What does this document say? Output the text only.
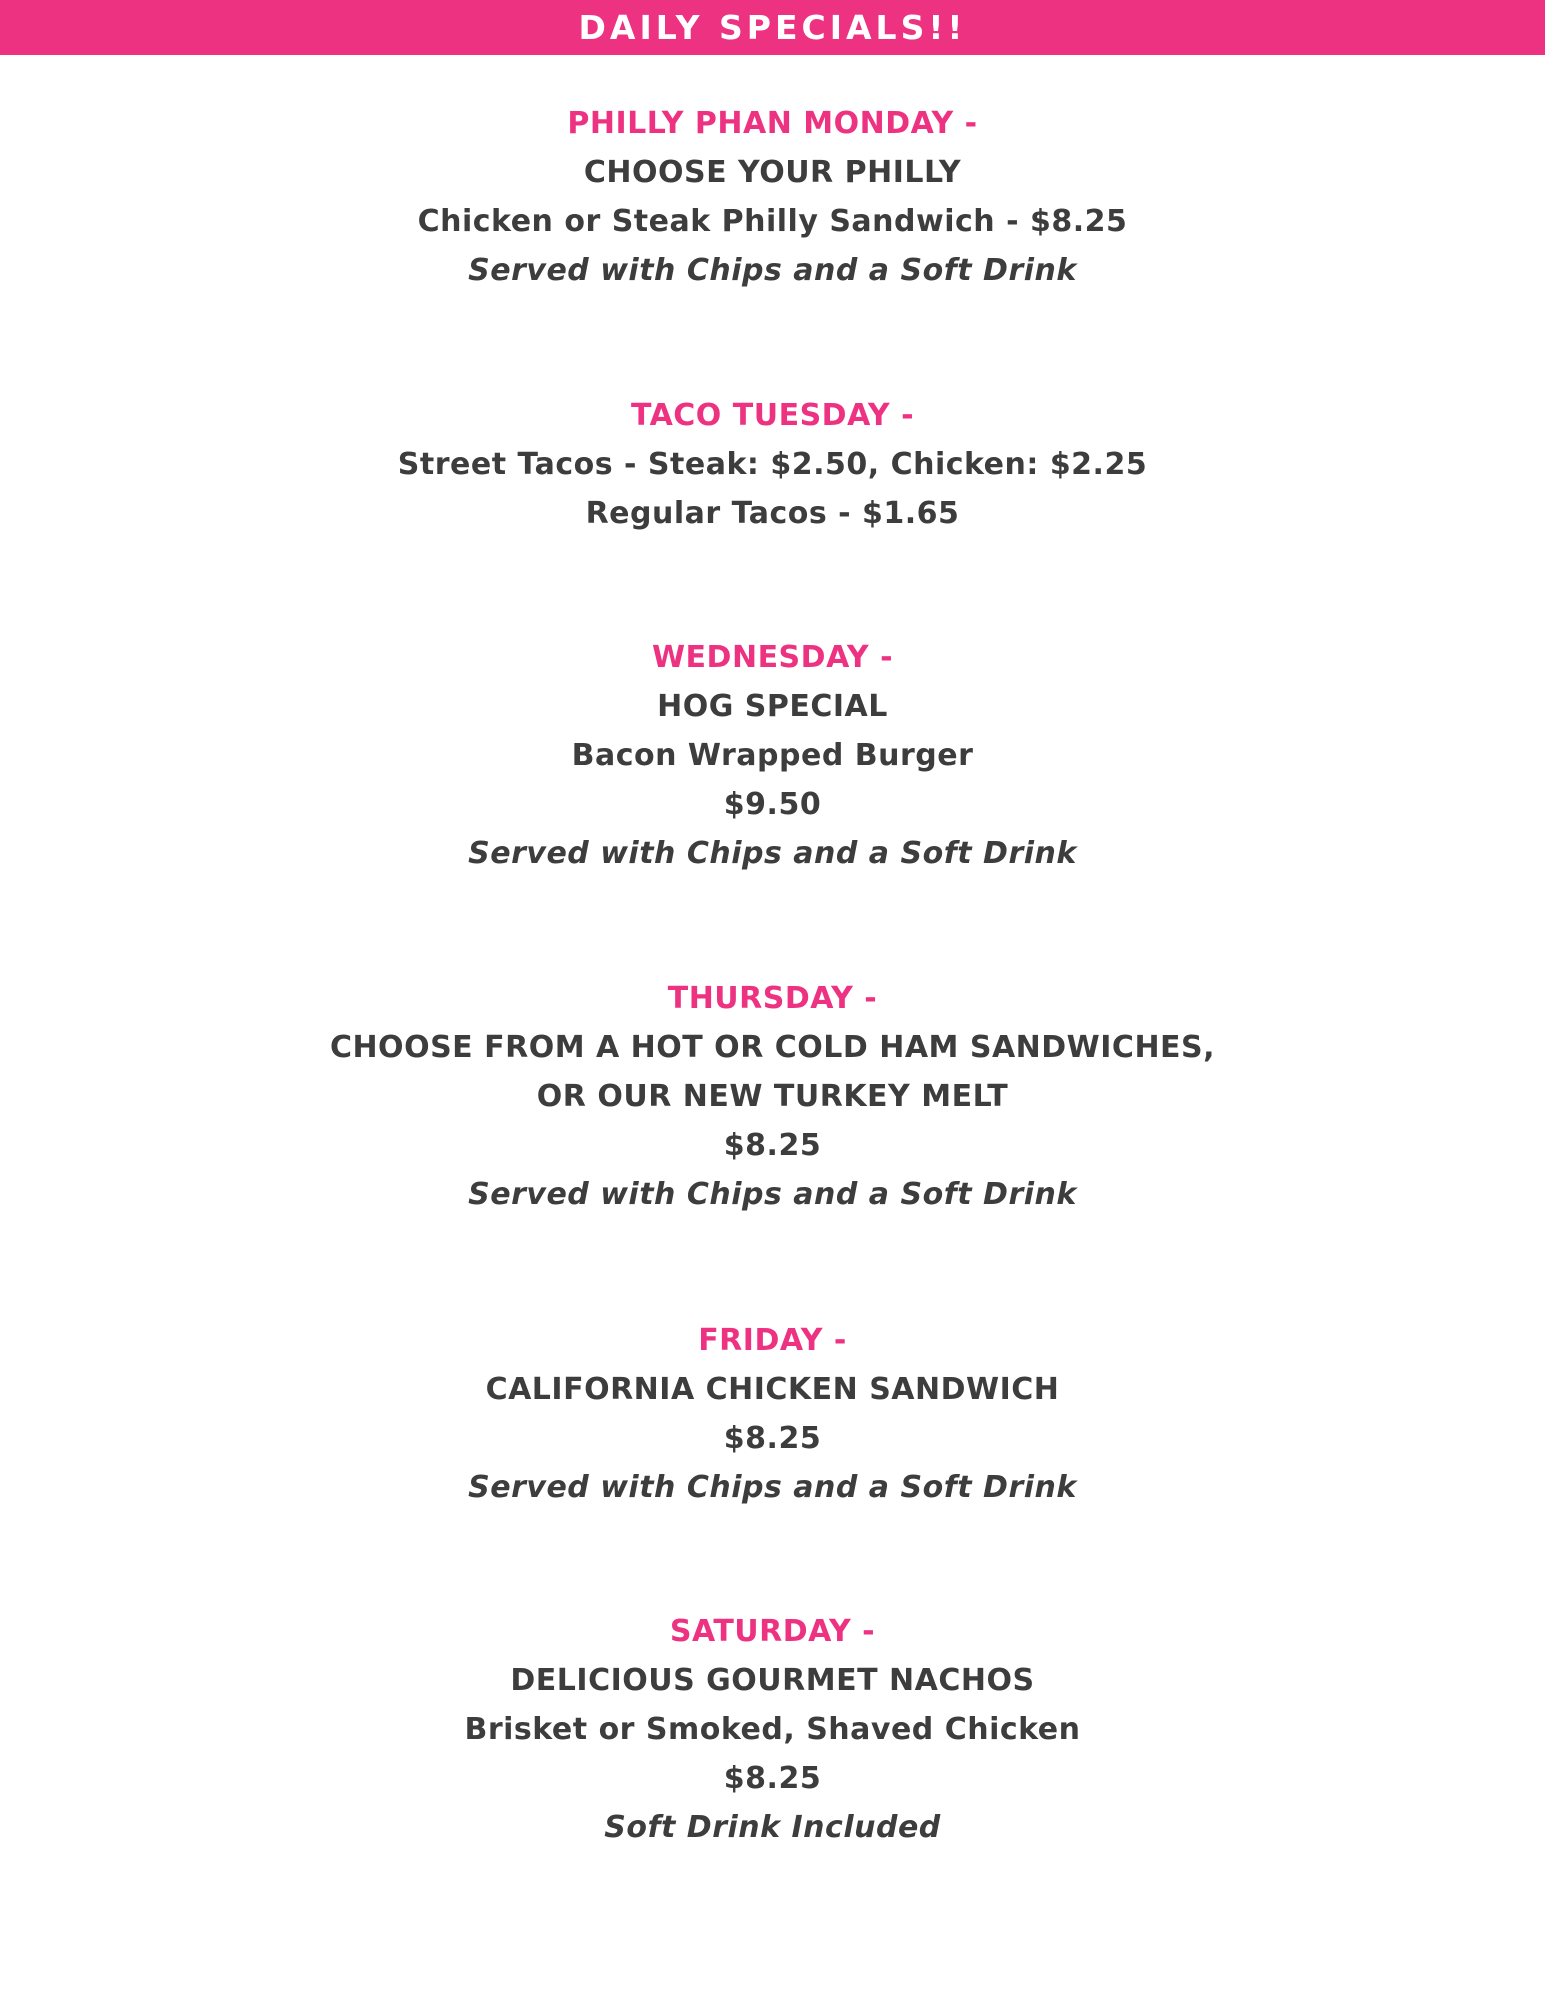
DAILY SPECIALS!!
PHILLY PHAN MONDAY -
CHOOSE YOUR PHILLY
Chicken or Steak Philly Sandwich - $8.25
Served with Chips and a Soft Drink
TACO TUESDAY -
Street Tacos - Steak: $2.50, Chicken: $2.25
Regular Tacos - $1.65
WEDNESDAY -
HOG SPECIAL
Bacon Wrapped Burger
$9.50
Served with Chips and a Soft Drink
THURSDAY -
CHOOSE FROM A HOT OR COLD HAM SANDWICHES,
OR OUR NEW TURKEY MELT
$8.25
Served with Chips and a Soft Drink
FRIDAY -
CALIFORNIA CHICKEN SANDWICH
$8.25
Served with Chips and a Soft Drink
SATURDAY -
DELICIOUS GOURMET NACHOS
Brisket or Smoked, Shaved Chicken
$8.25
Soft Drink Included
